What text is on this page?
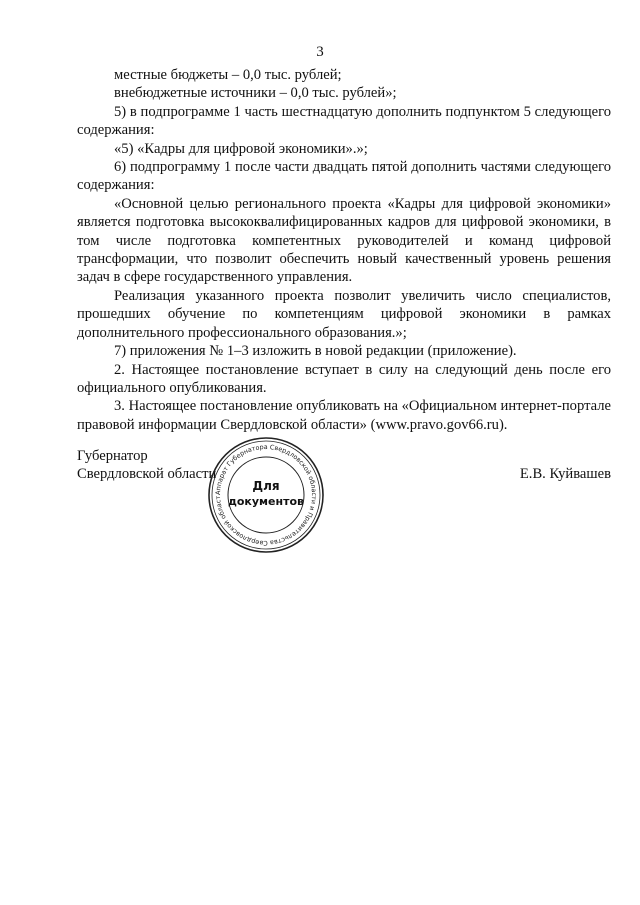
3

местные бюджеты – 0,0 тыс. рублей;

внебюджетные источники – 0,0 тыс. рублей»;

5) в подпрограмме 1 часть шестнадцатую дополнить подпунктом 5 следующего содержания:

«5) «Кадры для цифровой экономики».»;

6) подпрограмму 1 после части двадцать пятой дополнить частями следующего содержания:

«Основной целью регионального проекта «Кадры для цифровой экономики» является подготовка высококвалифицированных кадров для цифровой экономики, в том числе подготовка компетентных руководителей и команд цифровой трансформации, что позволит обеспечить новый качественный уровень решения задач в сфере государственного управления.

Реализация указанного проекта позволит увеличить число специалистов, прошедших обучение по компетенциям цифровой экономики в рамках дополнительного профессионального образования.»;

7) приложения № 1–3 изложить в новой редакции (приложение).

2. Настоящее постановление вступает в силу на следующий день после его официального опубликования.

3. Настоящее постановление опубликовать на «Официальном интернет-портале правовой информации Свердловской области» (www.pravo.gov66.ru).

Губернатор
Свердловской области	Е.В. Куйвашев
Аппарат Губернатора Свердловской области и Правительства Свердловской област
Для
документов
